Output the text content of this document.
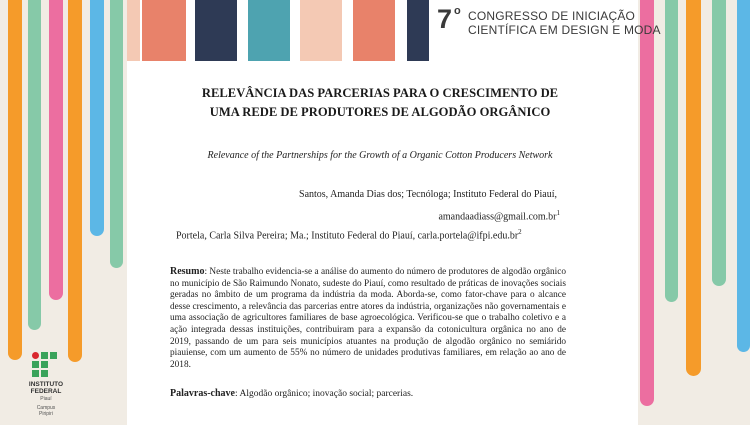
7 o CONGRESSO DE INICIAÇÃO
CIENTÍFICA EM DESIGN E MODA
RELEVÂNCIA DAS PARCERIAS PARA O CRESCIMENTO DE
UMA REDE DE PRODUTORES DE ALGODÃO ORGÂNICO
Relevance of the Partnerships for the Growth of a Organic Cotton Producers Network
Santos, Amanda Dias dos; Tecnóloga; Instituto Federal do Piauí,
$amandaadiass@gmail.com.br^1$
Portela, Carla Silva Pereira; Ma.; Instituto Federal do Piauí, $carla.portela@ifpi.edu.br^2$
Resumo: Neste trabalho evidencia-se a análise do aumento do número de produtores de algodão orgânico no município de São Raimundo Nonato, sudeste do Piauí, como resultado de práticas de inovações sociais geradas no âmbito de um programa da indústria da moda. Aborda-se, como fator-chave para o alcance desse crescimento, a relevância das parcerias entre atores da indústria, organizações não governamentais e uma associação de agricultores familiares de base agroecológica. Verificou-se que o trabalho coletivo e a ação integrada dessas instituições, contribuiram para a expansão da cotonicultura orgânica no ano de 2019, passando de um para seis municípios atuantes na produção de algodão orgânico no semiárido piauiense, com um aumento de 55% no número de unidades produtivas familiares, em relação ao ano de 2018.
Palavras-chave: Algodão orgânico; inovação social; parcerias.
INSTITUTO
FEDERAL
Piauí
Campus
Piripiri
